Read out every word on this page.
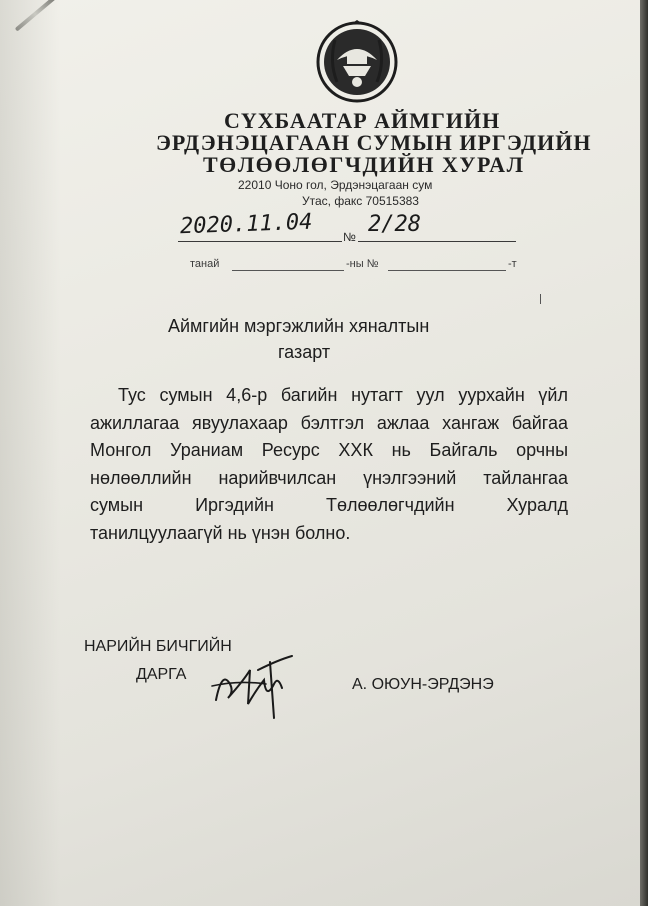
СҮХБААТАР АЙМГИЙН
ЭРДЭНЭЦАГААН СУМЫН ИРГЭДИЙН
ТӨЛӨӨЛӨГЧДИЙН ХУРАЛ
22010 Чоно гол, Эрдэнэцагаан сум
Утас, факс 70515383
2020.11.04	№ 2/28
танай	-ны №	-т
Аймгийн мэргэжлийн хяналтын
газарт
Тус сумын 4,6-р багийн нутагт уул уурхайн үйл
ажиллагаа явуулахаар бэлтгэл ажлаа хангаж байгаа
Монгол Ураниам Ресурс ХХК нь Байгаль орчны
нөлөөллийн нарийвчилсан үнэлгээний тайлангаа
сумын Иргэдийн Төлөөлөгчдийн Хуралд
танилцуулаагүй нь үнэн болно.
НАРИЙН БИЧГИЙН
ДАРГА
А. ОЮУН-ЭРДЭНЭ
